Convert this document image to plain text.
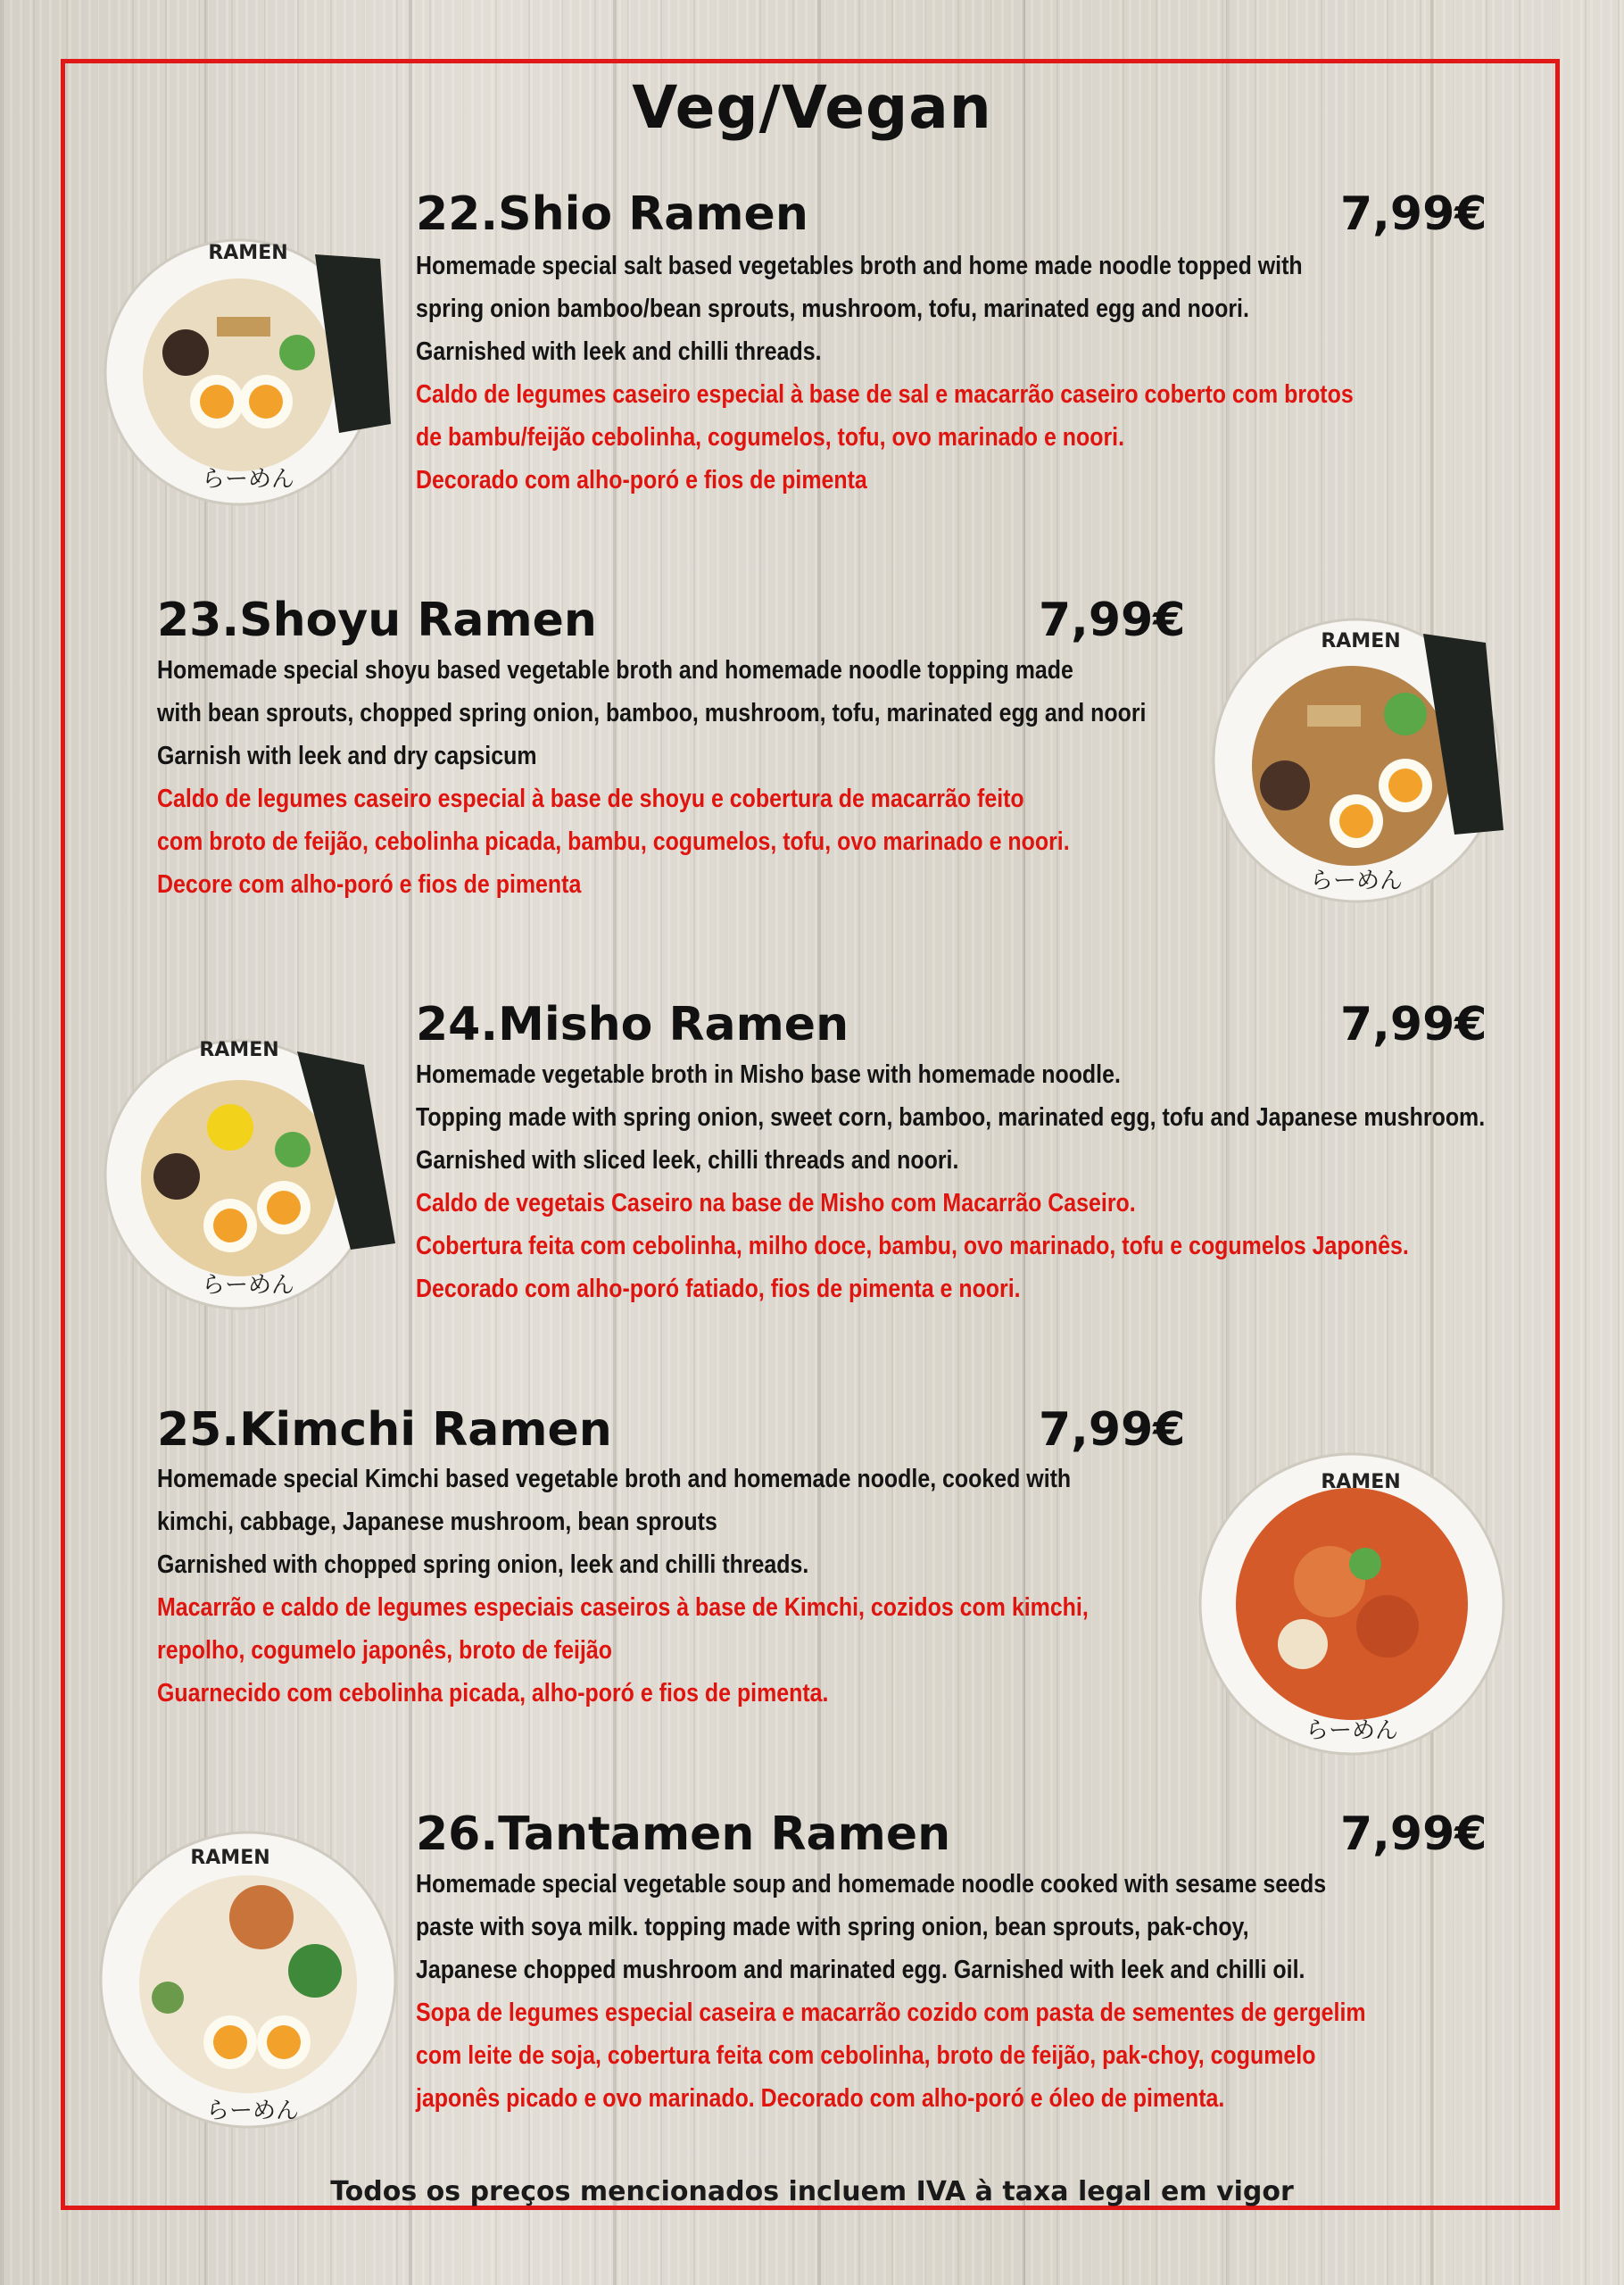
Veg/Vegan
22.Shio Ramen	7,99€
Homemade special salt based vegetables broth and home made noodle topped with
spring onion bamboo/bean sprouts, mushroom, tofu, marinated egg and noori.
Garnished with leek and chilli threads.
Caldo de legumes caseiro especial à base de sal e macarrão caseiro coberto com brotos
de bambu/feijão cebolinha, cogumelos, tofu, ovo marinado e noori.
Decorado com alho-poró e fios de pimenta
RAMEN
らーめん
23.Shoyu Ramen	7,99€
Homemade special shoyu based vegetable broth and homemade noodle topping made
with bean sprouts, chopped spring onion, bamboo, mushroom, tofu, marinated egg and noori
Garnish with leek and dry capsicum
Caldo de legumes caseiro especial à base de shoyu e cobertura de macarrão feito
com broto de feijão, cebolinha picada, bambu, cogumelos, tofu, ovo marinado e noori.
Decore com alho-poró e fios de pimenta
RAMEN
らーめん
24.Misho Ramen	7,99€
Homemade vegetable broth in Misho base with homemade noodle.
Topping made with spring onion, sweet corn, bamboo, marinated egg, tofu and Japanese mushroom.
Garnished with sliced leek, chilli threads and noori.
Caldo de vegetais Caseiro na base de Misho com Macarrão Caseiro.
Cobertura feita com cebolinha, milho doce, bambu, ovo marinado, tofu e cogumelos Japonês.
Decorado com alho-poró fatiado, fios de pimenta e noori.
RAMEN
らーめん
25.Kimchi Ramen	7,99€
Homemade special Kimchi based vegetable broth and homemade noodle, cooked with
kimchi, cabbage, Japanese mushroom, bean sprouts
Garnished with chopped spring onion, leek and chilli threads.
Macarrão e caldo de legumes especiais caseiros à base de Kimchi, cozidos com kimchi,
repolho, cogumelo japonês, broto de feijão
Guarnecido com cebolinha picada, alho-poró e fios de pimenta.
RAMEN
らーめん
26.Tantamen Ramen	7,99€
Homemade special vegetable soup and homemade noodle cooked with sesame seeds
paste with soya milk. topping made with spring onion, bean sprouts, pak-choy,
Japanese chopped mushroom and marinated egg. Garnished with leek and chilli oil.
Sopa de legumes especial caseira e macarrão cozido com pasta de sementes de gergelim
com leite de soja, cobertura feita com cebolinha, broto de feijão, pak-choy, cogumelo
japonês picado e ovo marinado. Decorado com alho-poró e óleo de pimenta.
RAMEN
らーめん
Todos os preços mencionados incluem IVA à taxa legal em vigor
